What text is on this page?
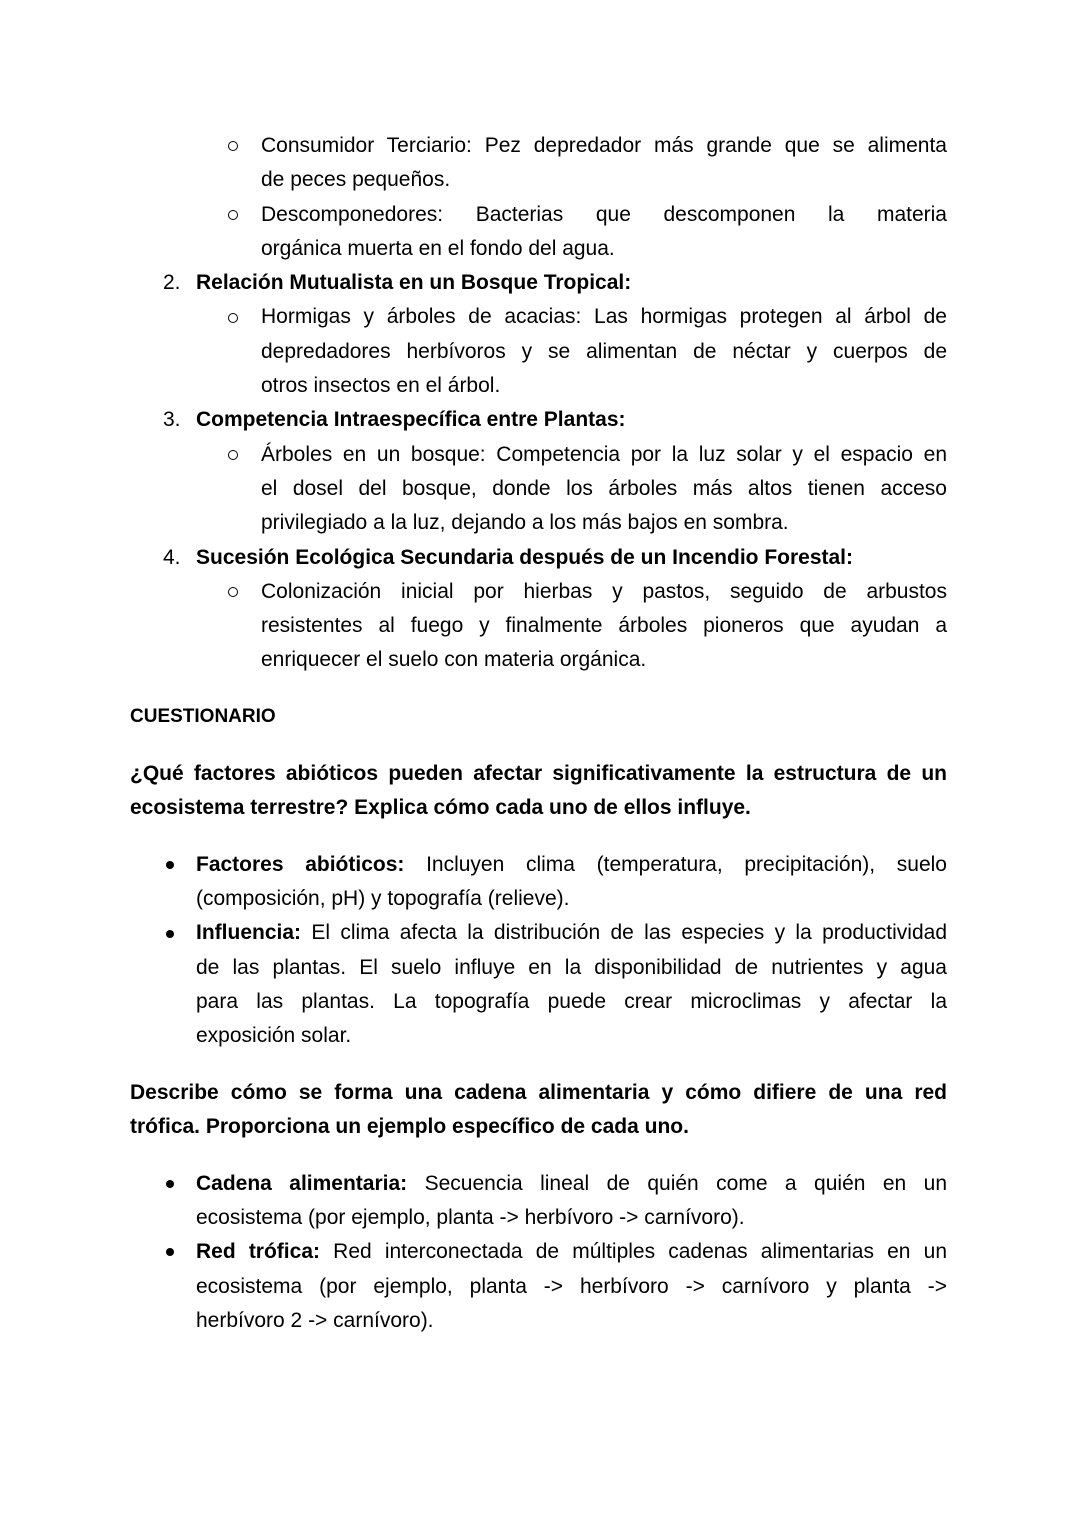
Consumidor Terciario: Pez depredador más grande que se alimenta
de peces pequeños.
Descomponedores: Bacterias que descomponen la materia
orgánica muerta en el fondo del agua.
2. Relación Mutualista en un Bosque Tropical:
Hormigas y árboles de acacias: Las hormigas protegen al árbol de
depredadores herbívoros y se alimentan de néctar y cuerpos de
otros insectos en el árbol.
3. Competencia Intraespecífica entre Plantas:
Árboles en un bosque: Competencia por la luz solar y el espacio en
el dosel del bosque, donde los árboles más altos tienen acceso
privilegiado a la luz, dejando a los más bajos en sombra.
4. Sucesión Ecológica Secundaria después de un Incendio Forestal:
Colonización inicial por hierbas y pastos, seguido de arbustos
resistentes al fuego y finalmente árboles pioneros que ayudan a
enriquecer el suelo con materia orgánica.
CUESTIONARIO
¿Qué factores abióticos pueden afectar significativamente la estructura de un
ecosistema terrestre? Explica cómo cada uno de ellos influye.
Factores abióticos: Incluyen clima (temperatura, precipitación), suelo
(composición, pH) y topografía (relieve).
Influencia: El clima afecta la distribución de las especies y la productividad
de las plantas. El suelo influye en la disponibilidad de nutrientes y agua
para las plantas. La topografía puede crear microclimas y afectar la
exposición solar.
Describe cómo se forma una cadena alimentaria y cómo difiere de una red
trófica. Proporciona un ejemplo específico de cada uno.
Cadena alimentaria: Secuencia lineal de quién come a quién en un
ecosistema (por ejemplo, planta -> herbívoro -> carnívoro).
Red trófica: Red interconectada de múltiples cadenas alimentarias en un
ecosistema (por ejemplo, planta -> herbívoro -> carnívoro y planta ->
herbívoro 2 -> carnívoro).
